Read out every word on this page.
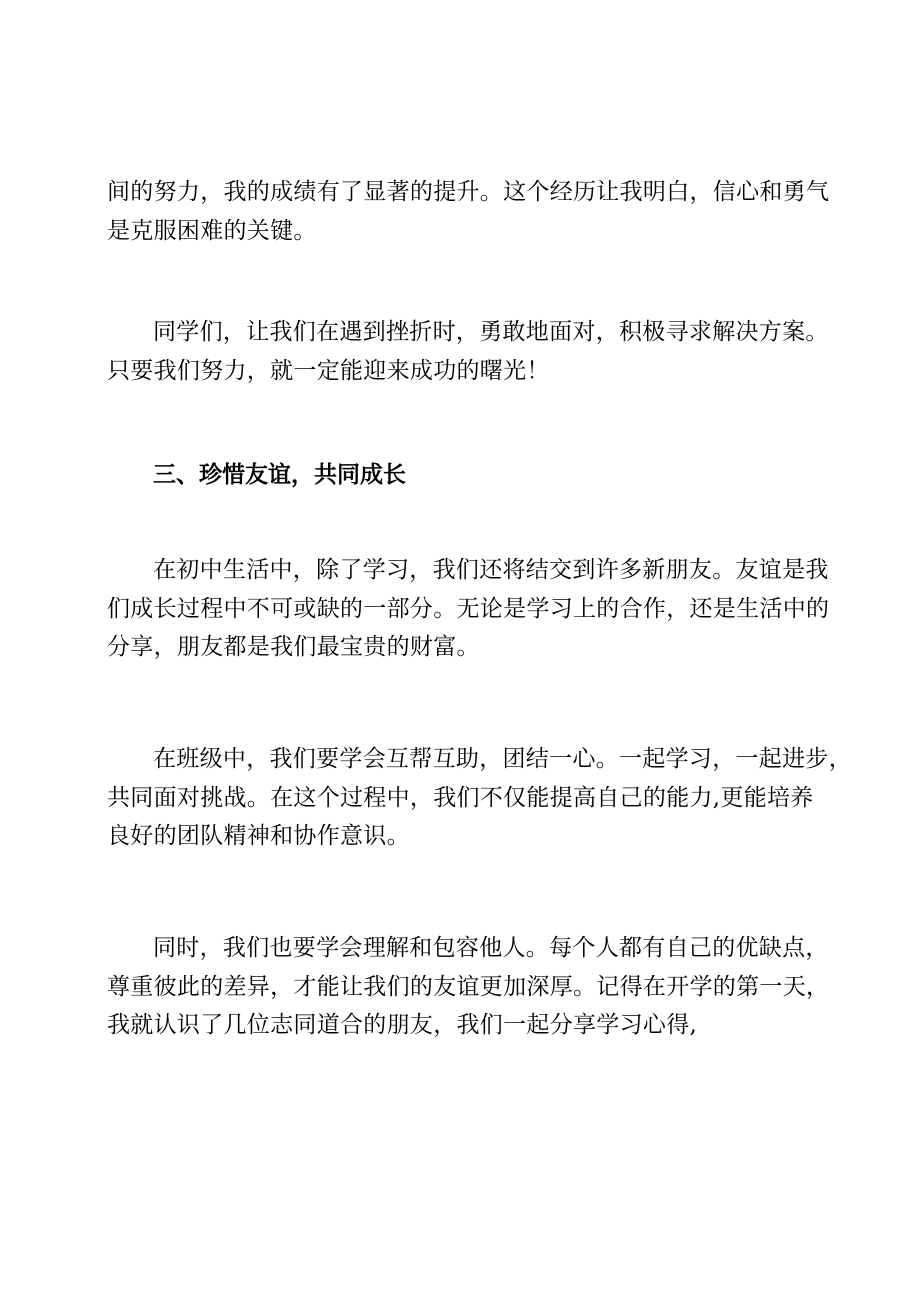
间的努力，我的成绩有了显著的提升。这个经历让我明白，信心和勇气
是克服困难的关键。

同学们，让我们在遇到挫折时，勇敢地面对，积极寻求解决方案。
只要我们努力，就一定能迎来成功的曙光！

三、珍惜友谊，共同成长

在初中生活中，除了学习，我们还将结交到许多新朋友。友谊是我
们成长过程中不可或缺的一部分。无论是学习上的合作，还是生活中的
分享，朋友都是我们最宝贵的财富。

在班级中，我们要学会互帮互助，团结一心。一起学习，一起进步，
共同面对挑战。在这个过程中，我们不仅能提高自己的能力,更能培养
良好的团队精神和协作意识。

同时，我们也要学会理解和包容他人。每个人都有自己的优缺点，
尊重彼此的差异，才能让我们的友谊更加深厚。记得在开学的第一天，
我就认识了几位志同道合的朋友，我们一起分享学习心得,
